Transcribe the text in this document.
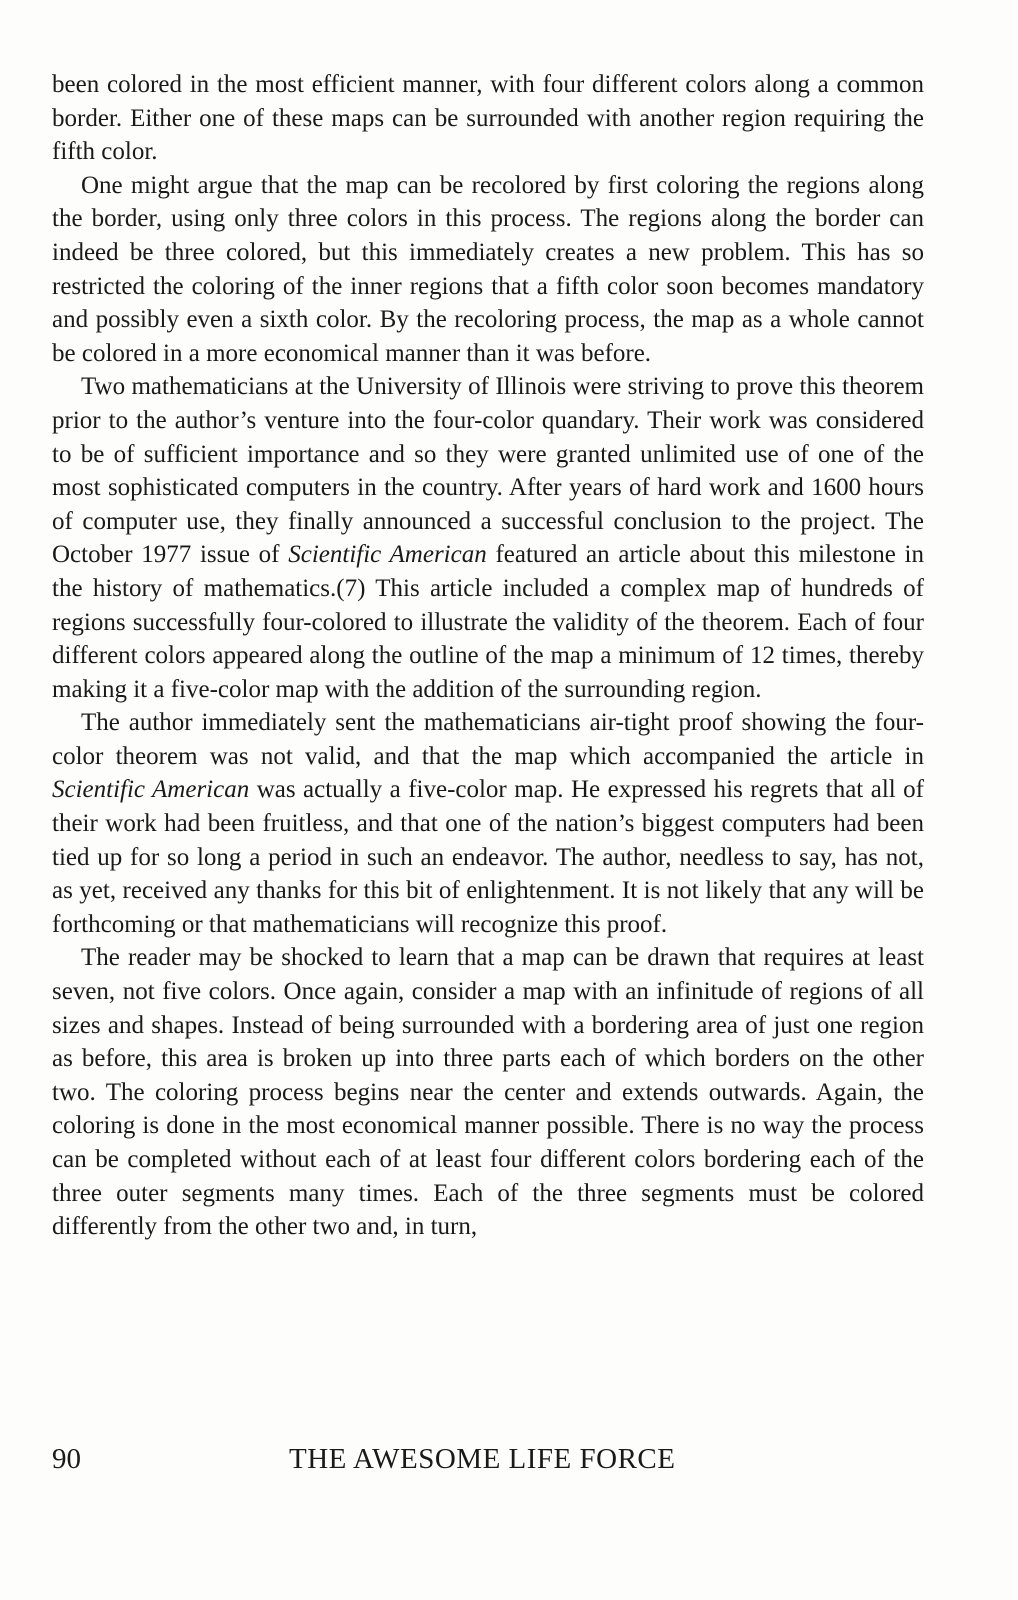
been colored in the most efficient manner, with four different colors along a common border. Either one of these maps can be surrounded with another region requiring the fifth color.

One might argue that the map can be recolored by first coloring the regions along the border, using only three colors in this process. The regions along the border can indeed be three colored, but this immediately creates a new problem. This has so restricted the coloring of the inner regions that a fifth color soon becomes mandatory and possibly even a sixth color. By the recoloring process, the map as a whole cannot be colored in a more economical manner than it was before.

Two mathematicians at the University of Illinois were striving to prove this theorem prior to the author’s venture into the four-color quandary. Their work was considered to be of sufficient importance and so they were granted unlimited use of one of the most sophisticated computers in the country. After years of hard work and 1600 hours of computer use, they finally announced a successful conclusion to the project. The October 1977 issue of Scientific American featured an article about this milestone in the history of mathematics.(7) This article included a complex map of hundreds of regions successfully four-colored to illustrate the validity of the theorem. Each of four different colors appeared along the outline of the map a minimum of 12 times, thereby making it a five-color map with the addition of the surrounding region.

The author immediately sent the mathematicians air-tight proof showing the four-color theorem was not valid, and that the map which accompanied the article in Scientific American was actually a five-color map. He expressed his regrets that all of their work had been fruitless, and that one of the nation’s biggest computers had been tied up for so long a period in such an endeavor. The author, needless to say, has not, as yet, received any thanks for this bit of enlightenment. It is not likely that any will be forthcoming or that mathematicians will recognize this proof.

The reader may be shocked to learn that a map can be drawn that requires at least seven, not five colors. Once again, consider a map with an infinitude of regions of all sizes and shapes. Instead of being surrounded with a bordering area of just one region as before, this area is broken up into three parts each of which borders on the other two. The coloring process begins near the center and extends outwards. Again, the coloring is done in the most economical manner possible. There is no way the process can be completed without each of at least four different colors bordering each of the three outer segments many times. Each of the three segments must be colored differently from the other two and, in turn,

90	THE AWESOME LIFE FORCE
